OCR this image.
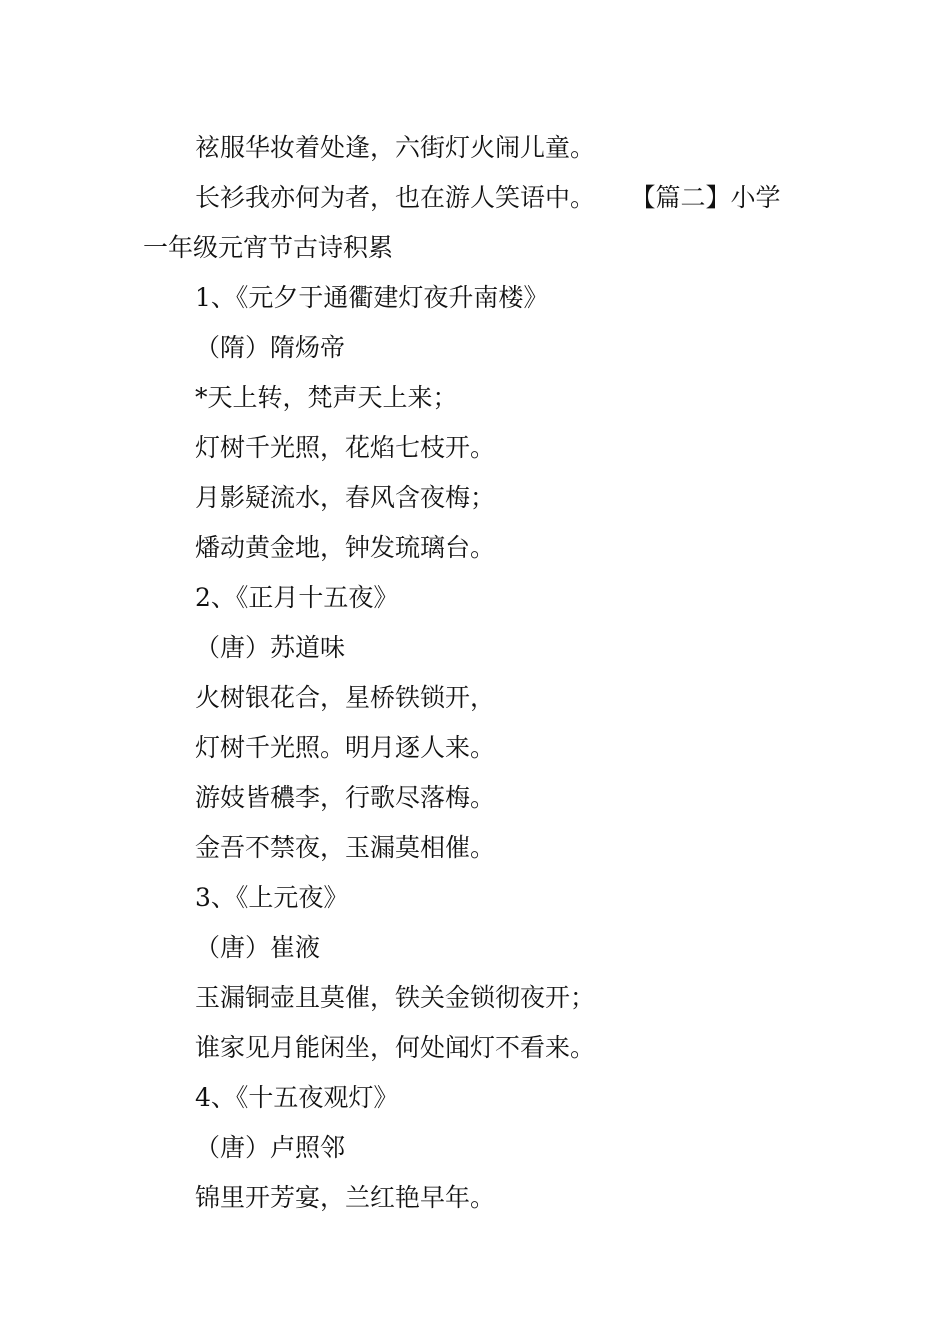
袨服华妆着处逢，六街灯火闹儿童。
长衫我亦何为者，也在游人笑语中。 【篇二】小学
一年级元宵节古诗积累
1、《元夕于通衢建灯夜升南楼》
（隋）隋炀帝
*天上转，梵声天上来；
灯树千光照，花焰七枝开。
月影疑流水，春风含夜梅；
燔动黄金地，钟发琉璃台。
2、《正月十五夜》
（唐）苏道味
火树银花合，星桥铁锁开，
灯树千光照。明月逐人来。
游妓皆穠李，行歌尽落梅。
金吾不禁夜，玉漏莫相催。
3、《上元夜》
（唐）崔液
玉漏铜壶且莫催，铁关金锁彻夜开；
谁家见月能闲坐，何处闻灯不看来。
4、《十五夜观灯》
（唐）卢照邻
锦里开芳宴，兰红艳早年。
